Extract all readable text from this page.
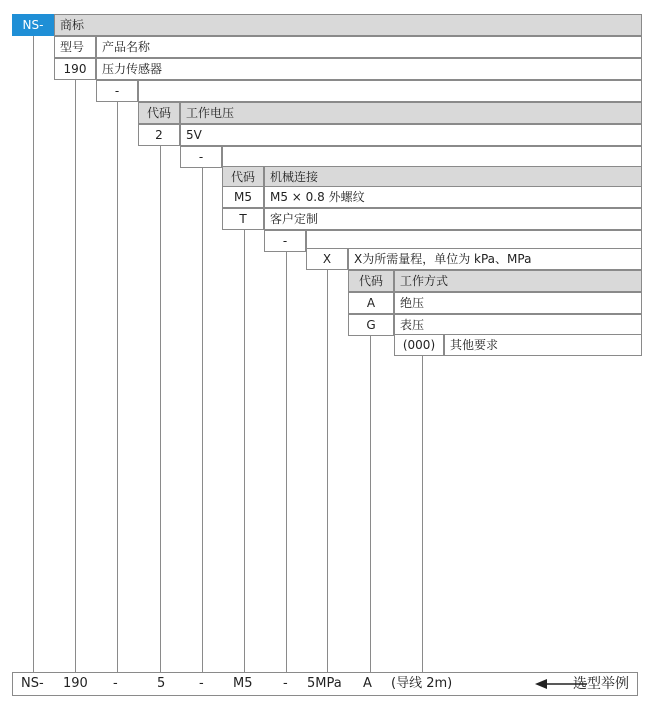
NS-	商标
型号	产品名称
190	压力传感器
-
代码	工作电压
2	5V
-
代码	机械连接
M5	M5 × 0.8 外螺纹
T	客户定制
-
X	X为所需量程，单位为 kPa、MPa
代码	工作方式
A	绝压
G	表压
(000)	其他要求
NS- 190 -	5	- M5 - 5MPa A (导线 2m)	选型举例
